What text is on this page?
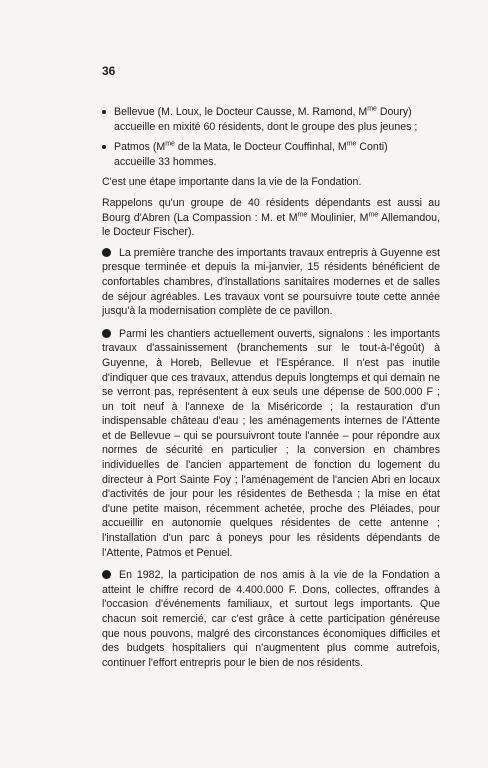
36
Bellevue (M. Loux, le Docteur Causse, M. Ramond, $M^{me}$ Doury)
accueille en mixité 60 résidents, dont le groupe des plus jeunes ;
Patmos ($M^{me}$ de la Mata, le Docteur Couffinhal, $M^{me}$ Conti)
accueille 33 hommes.

C'est une étape importante dans la vie de la Fondation.

Rappelons qu'un groupe de 40 résidents dépendants est aussi au Bourg d'Abren (La Compassion : M. et $M^{me}$ Moulinier, $M^{me}$ Allemandou, le Docteur Fischer).

La première tranche des importants travaux entrepris à Guyenne est presque terminée et depuis la mi-janvier, 15 résidents bénéficient de confortables chambres, d'installations sanitaires modernes et de salles de séjour agréables. Les travaux vont se poursuivre toute cette année jusqu'à la modernisation complète de ce pavillon.
Parmi les chantiers actuellement ouverts, signalons : les importants travaux d'assainissement (branchements sur le tout-à-l'égoût) à Guyenne, à Horeb, Bellevue et l'Espérance. Il n'est pas inutile d'indiquer que ces travaux, attendus depuis longtemps et qui demain ne se verront pas, représentent à eux seuls une dépense de 500.000 F ; un toit neuf à l'annexe de la Miséricorde ; la restauration d'un indispensable château d'eau ; les aménagements internes de l'Attente et de Bellevue – qui se poursuivront toute l'année – pour répondre aux normes de sécurité en particulier ; la conversion en chambres individuelles de l'ancien appartement de fonction du logement du directeur à Port Sainte Foy ; l'aménagement de l'ancien Abri en locaux d'activités de jour pour les résidentes de Bethesda ; la mise en état d'une petite maison, récemment achetée, proche des Pléiades, pour accueillir en autonomie quelques résidentes de cette antenne ; l'installation d'un parc à poneys pour les résidents dépendants de l'Attente, Patmos et Penuel.
En 1982, la participation de nos amis à la vie de la Fondation a atteint le chiffre record de 4.400.000 F. Dons, collectes, offrandes à l'occasion d'événements familiaux, et surtout legs importants. Que chacun soit remercié, car c'est grâce à cette participation généreuse que nous pouvons, malgré des circonstances économiques difficiles et des budgets hospitaliers qui n'augmentent plus comme autrefois, continuer l'effort entrepris pour le bien de nos résidents.
